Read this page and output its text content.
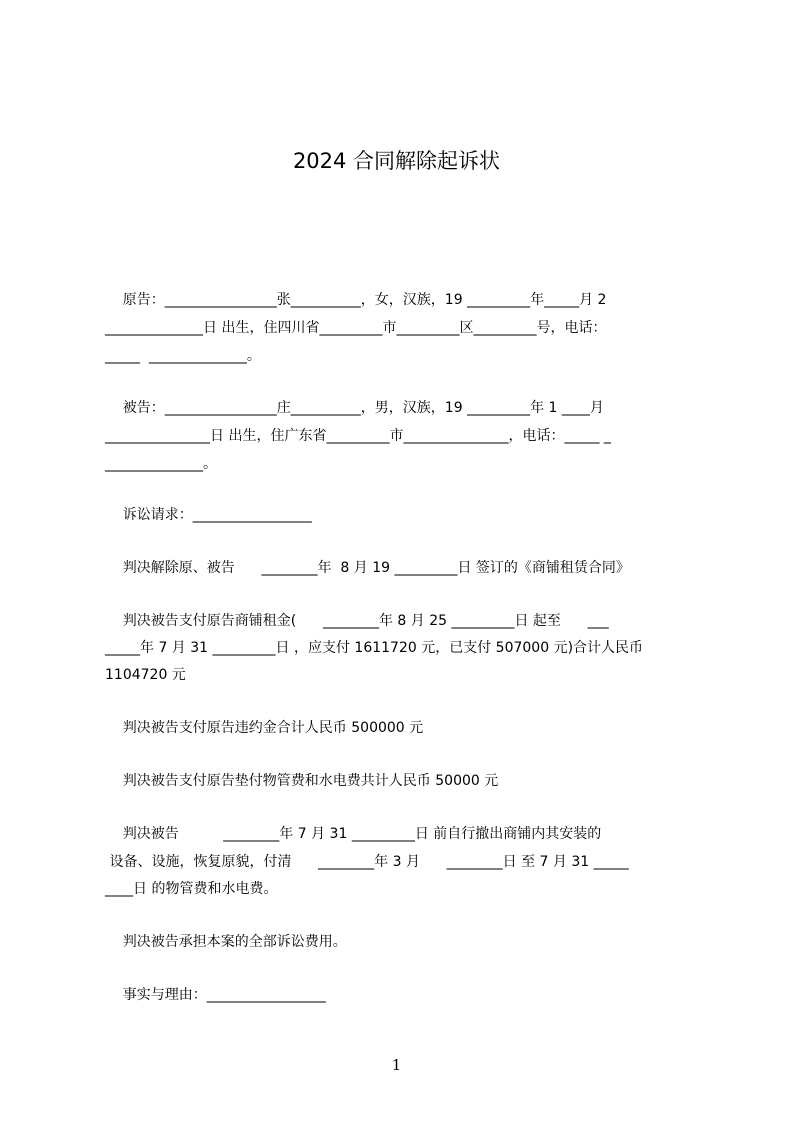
2024 合同解除起诉状
原告：________________张__________，女，汉族，19 _________年_____月 2
______________日 出生，住四川省_________市_________区_________号，电话：
_____  ______________。
被告：________________庄__________，男，汉族，19 _________年 1 ____月
_______________日 出生，住广东省_________市_______________，电话：_____ _
______________。
诉讼请求：_________________
判决解除原、被告      ________年  8 月 19 _________日 签订的《商铺租赁合同》
判决被告支付原告商铺租金(      ________年 8 月 25 _________日 起至      ___
_____年 7 月 31 _________日 ，应支付 1611720 元，已支付 507000 元)合计人民币
1104720 元
判决被告支付原告违约金合计人民币 500000 元
判决被告支付原告垫付物管费和水电费共计人民币 50000 元
判决被告          ________年 7 月 31 _________日 前自行撤出商铺内其安装的
设备、设施，恢复原貌，付清      ________年 3 月      ________日 至 7 月 31 _____
____日 的物管费和水电费。
判决被告承担本案的全部诉讼费用。
事实与理由：_________________
1
